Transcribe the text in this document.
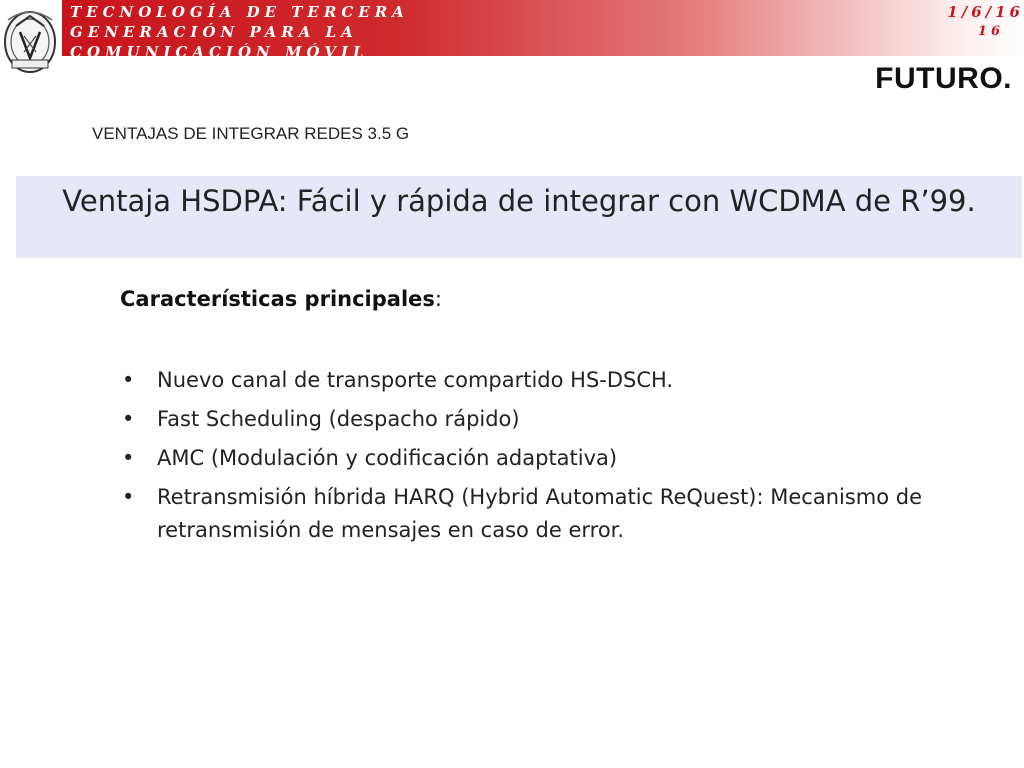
TECNOLOGÍA DE TERCERA
GENERACIÓN PARA LA
COMUNICACIÓN MÓVIL
1/6/16
16
FUTURO.
VENTAJAS DE INTEGRAR REDES 3.5 G
Ventaja HSDPA: Fácil y rápida de integrar con WCDMA de R’99.
Características principales:
• Nuevo canal de transporte compartido HS-DSCH.
• Fast Scheduling (despacho rápido)
• AMC (Modulación y codificación adaptativa)
• Retransmisión híbrida HARQ (Hybrid Automatic ReQuest): Mecanismo de retransmisión de mensajes en caso de error.
